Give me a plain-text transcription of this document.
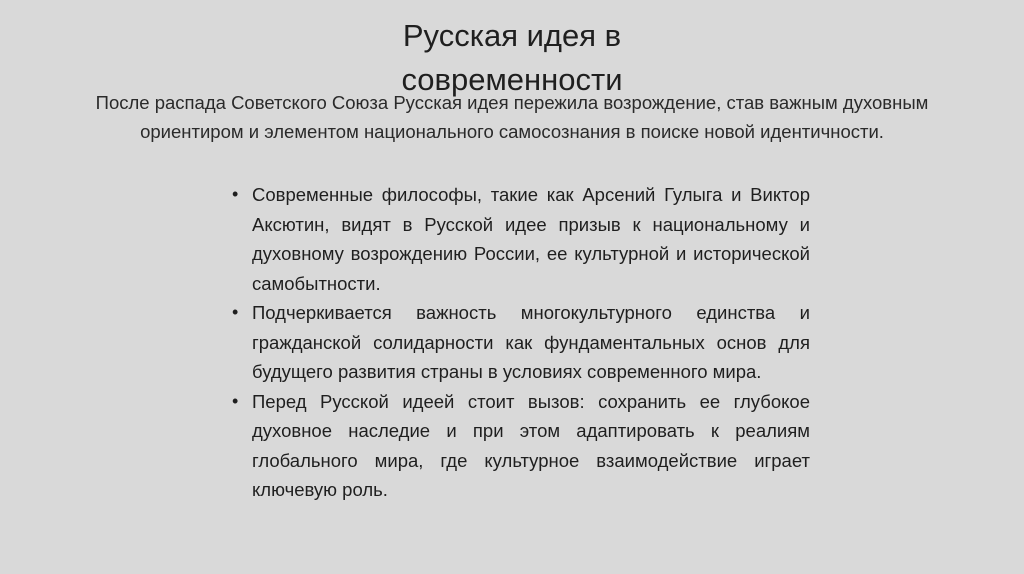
Русская идея в современности

После распада Советского Союза Русская идея пережила возрождение, став важным духовным ориентиром и элементом национального самосознания в поиске новой идентичности.

• Современные философы, такие как Арсений Гулыга и Виктор Аксютин, видят в Русской идее призыв к национальному и духовному возрождению России, ее культурной и исторической самобытности.
• Подчеркивается важность многокультурного единства и гражданской солидарности как фундаментальных основ для будущего развития страны в условиях современного мира.
• Перед Русской идеей стоит вызов: сохранить ее глубокое духовное наследие и при этом адаптировать к реалиям глобального мира, где культурное взаимодействие играет ключевую роль.
